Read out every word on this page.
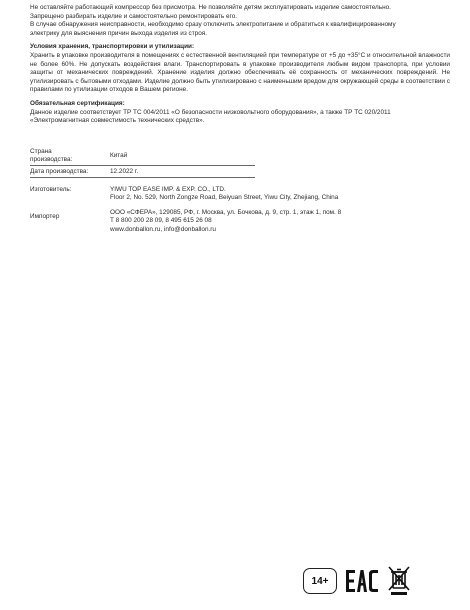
Не оставляйте работающий компрессор без присмотра. Не позволяйте детям эксплуатировать изделие самостоятельно.

Запрещено разбирать изделие и самостоятельно ремонтировать его.

В случае обнаружения неисправности, необходимо сразу отключить электропитание и обратиться к квалифицированному

электрику для выяснения причин выхода изделия из строя.

Условия хранения, транспортировки и утилизации:

Хранить в упаковке производителя в помещениях с естественной вентиляцией при температуре от +5 до +35°С и относительной влажности не более 60%. Не допускать воздействия влаги. Транспортировать в упаковке производителя любым видом транспорта, при условии защиты от механических повреждений. Хранение изделия должно обеспечивать её сохранность от механических повреждений. Не утилизировать с бытовыми отходами. Изделие должно быть утилизировано с наименьшим вредом для окружающей среды в соответствии с правилами по утилизации отходов в Вашем регионе.

Обязательная сертификация:

Данное изделие соответствует ТР ТС 004/2011 «О безопасности низковольтного оборудования», а также ТР ТС 020/2011 «Электромагнитная совместимость технических средств».

Страна
производства:
Китай
Дата производства:	12.2022 г.
Изготовитель:	YIWU TOP EASE IMP. & EXP. CO., LTD.
Floor 2, No. 529, North Zongze Road, Beiyuan Street, Yiwu City, Zhejiang, China
Импортер
ООО «СФЕРА», 129085, РФ, г. Москва, ул. Бочкова, д. 9, стр. 1, этаж 1, пом. 8
Т 8 800 200 28 09, 8 495 615 26 08
www.donballon.ru, info@donballon.ru
14+
